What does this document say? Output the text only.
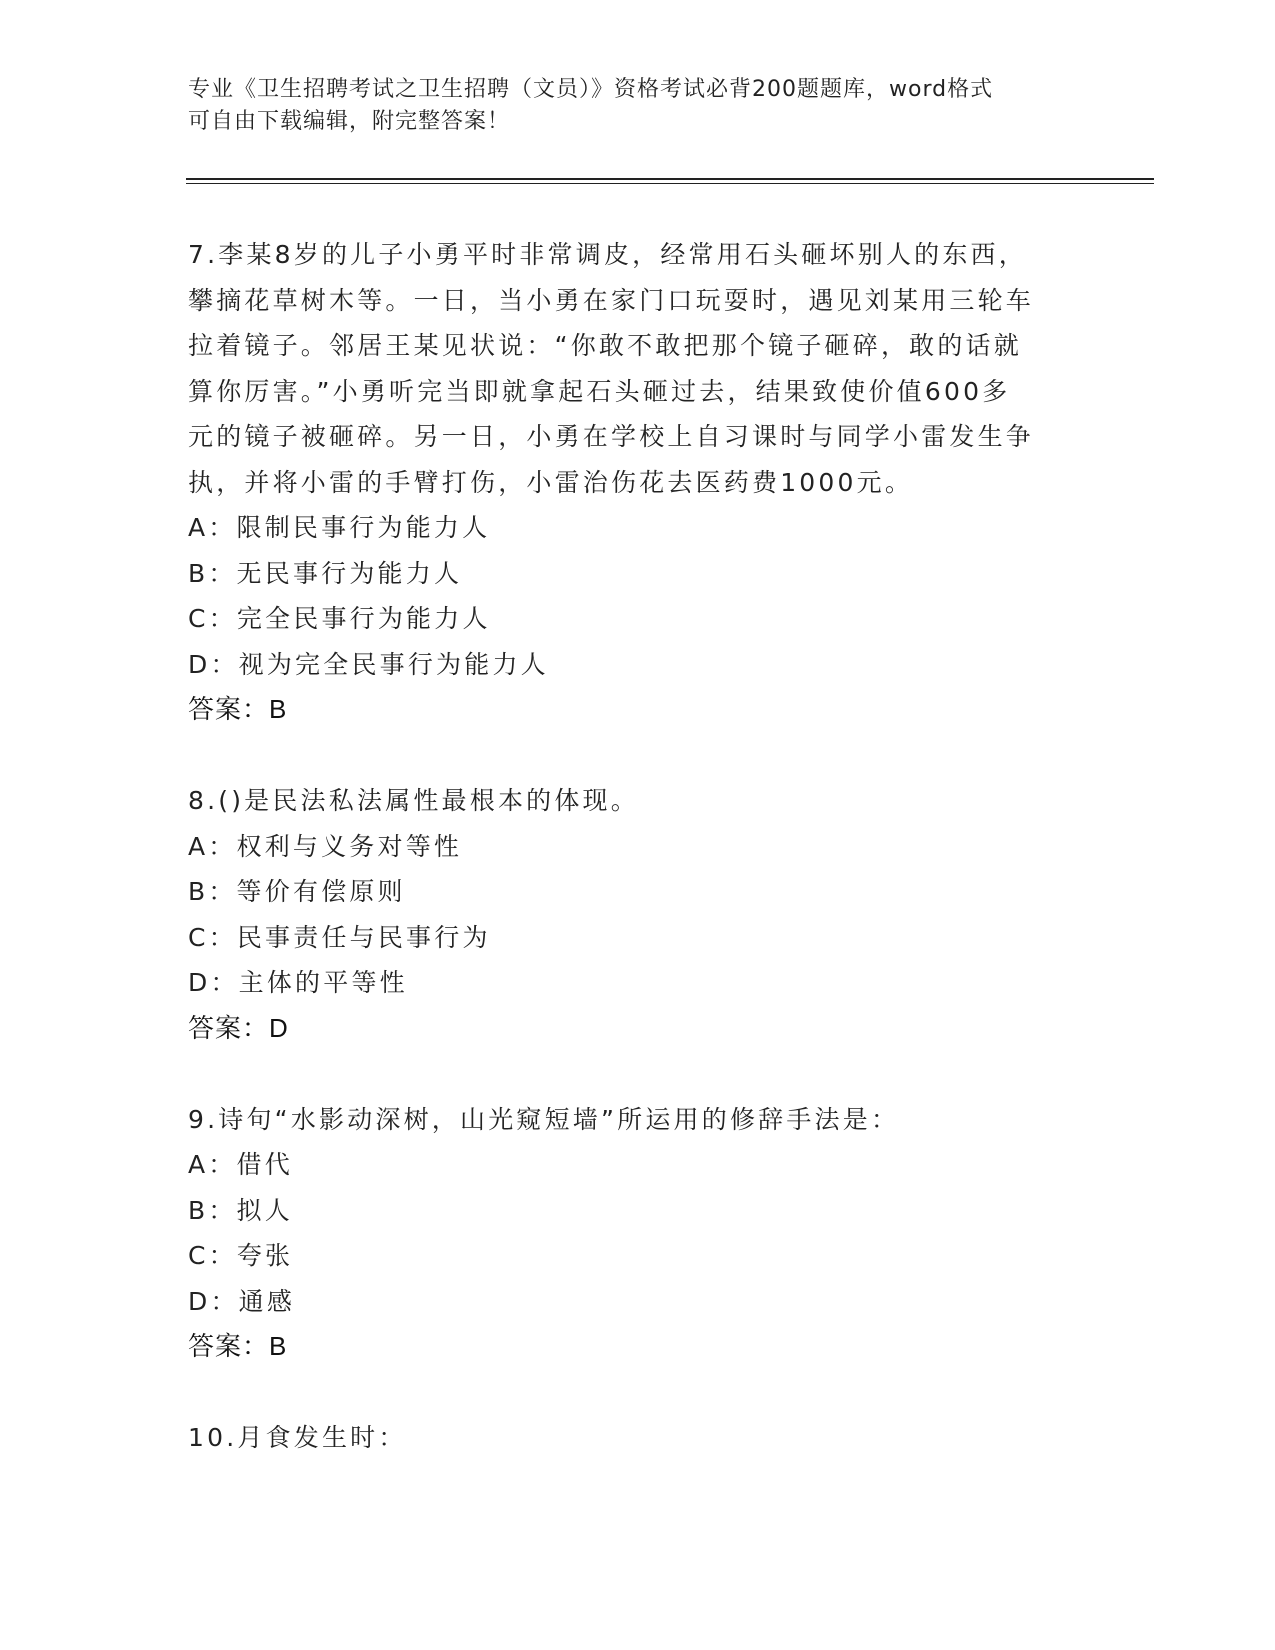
专业《卫生招聘考试之卫生招聘（文员）》资格考试必背200题题库，word格式
可自由下载编辑，附完整答案！
7.李某8岁的儿子小勇平时非常调皮，经常用石头砸坏别人的东西，
攀摘花草树木等。一日，当小勇在家门口玩耍时，遇见刘某用三轮车
拉着镜子。邻居王某见状说：“你敢不敢把那个镜子砸碎，敢的话就
算你厉害。”小勇听完当即就拿起石头砸过去，结果致使价值600多
元的镜子被砸碎。另一日，小勇在学校上自习课时与同学小雷发生争
执，并将小雷的手臂打伤，小雷治伤花去医药费1000元。
A：限制民事行为能力人
B：无民事行为能力人
C：完全民事行为能力人
D：视为完全民事行为能力人
答案：B
8.()是民法私法属性最根本的体现。
A：权利与义务对等性
B：等价有偿原则
C：民事责任与民事行为
D：主体的平等性
答案：D
9.诗句“水影动深树，山光窥短墙”所运用的修辞手法是：
A：借代
B：拟人
C：夸张
D：通感
答案：B
10.月食发生时：
